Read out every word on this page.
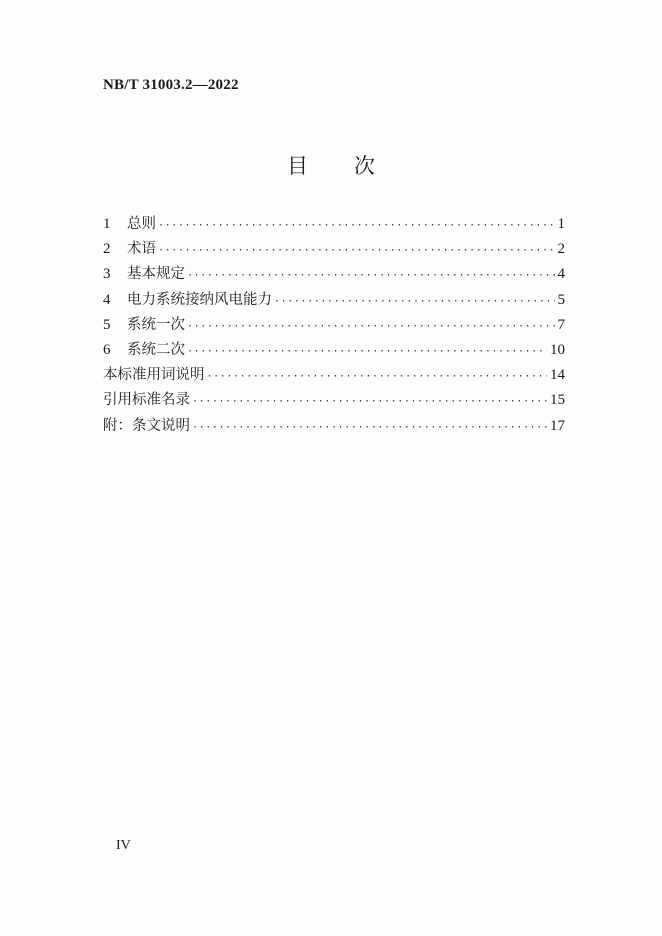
NB/T 31003.2—2022
目 次
1	总则 ·····	1
2	术语 ·····	2
3	基本规定 ·····	4
4	电力系统接纳风电能力 ·····	5
5	系统一次 ·····	7
6	系统二次 ·····	10
本标准用词说明 ·····	14
引用标准名录 ·····	15
附：条文说明 ·····	17
IV
